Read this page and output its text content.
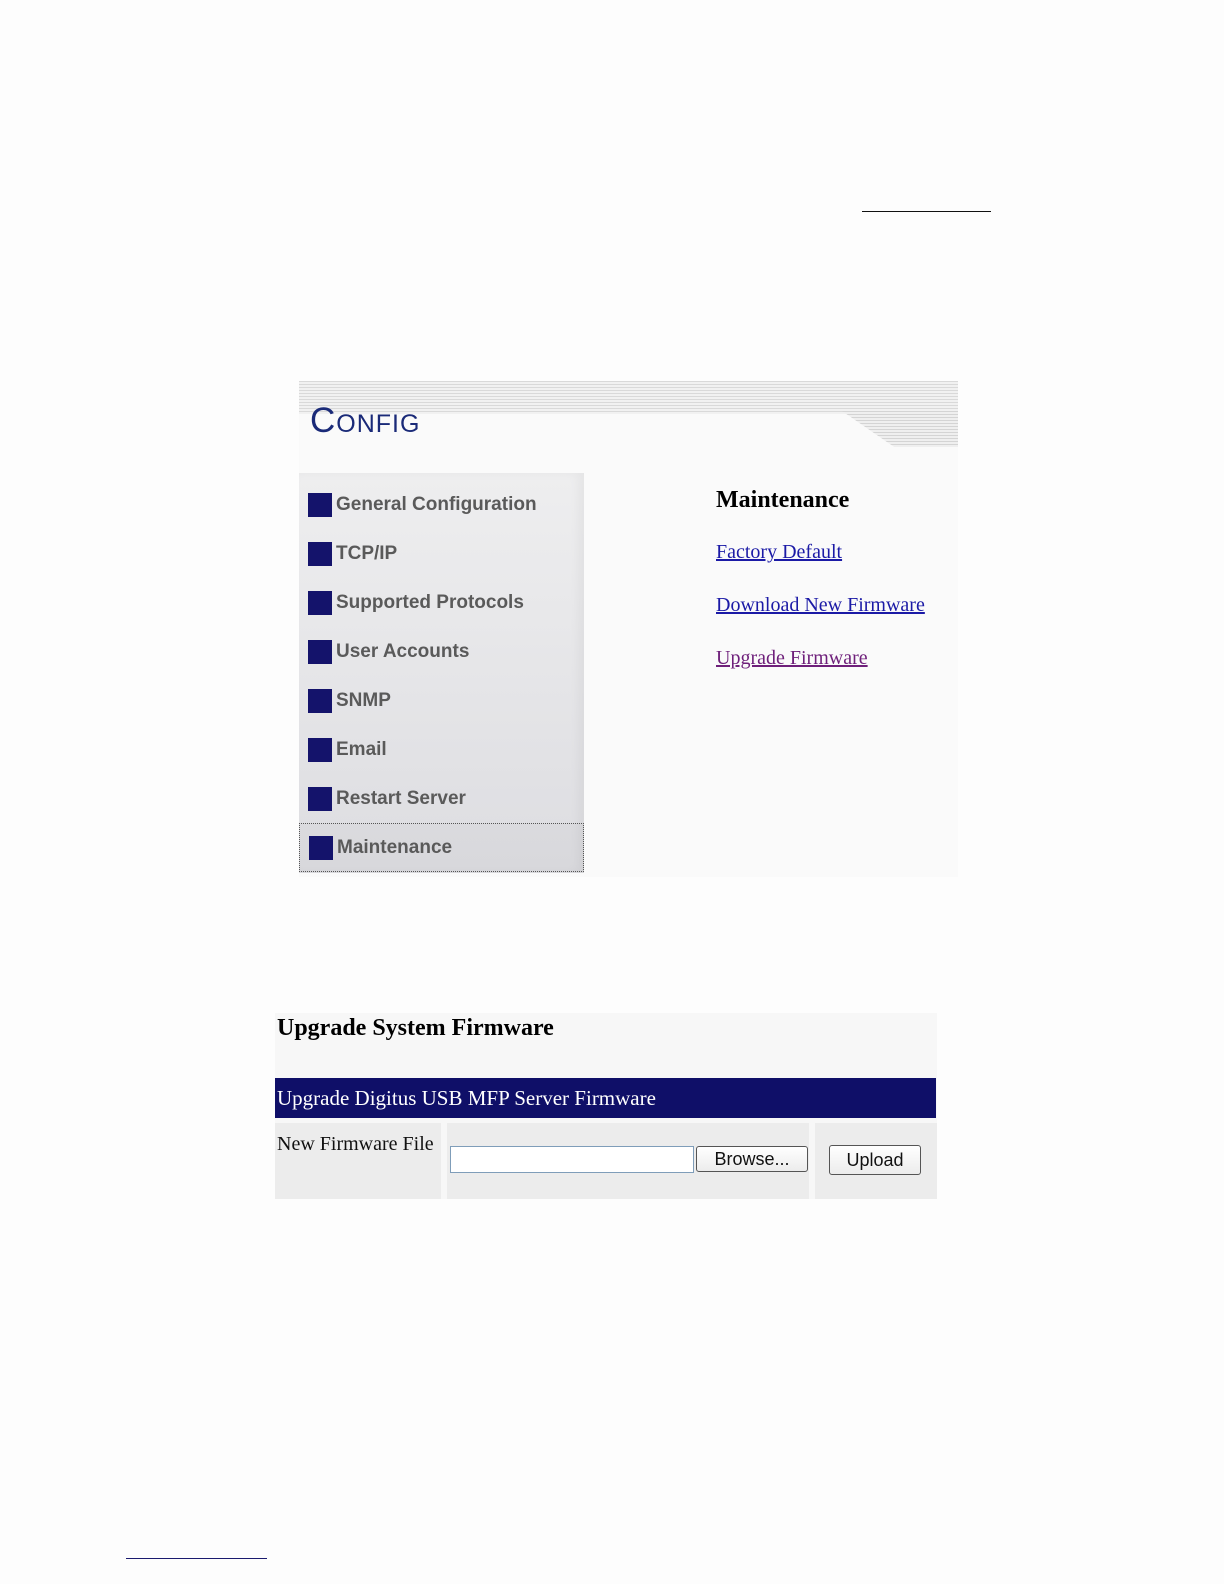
Config
General Configuration
TCP/IP
Supported Protocols
User Accounts
SNMP
Email
Restart Server
Maintenance
Maintenance
Factory Default
Download New Firmware
Upgrade Firmware
Upgrade System Firmware
Upgrade Digitus USB MFP Server Firmware
New Firmware File
Browse...	Upload
